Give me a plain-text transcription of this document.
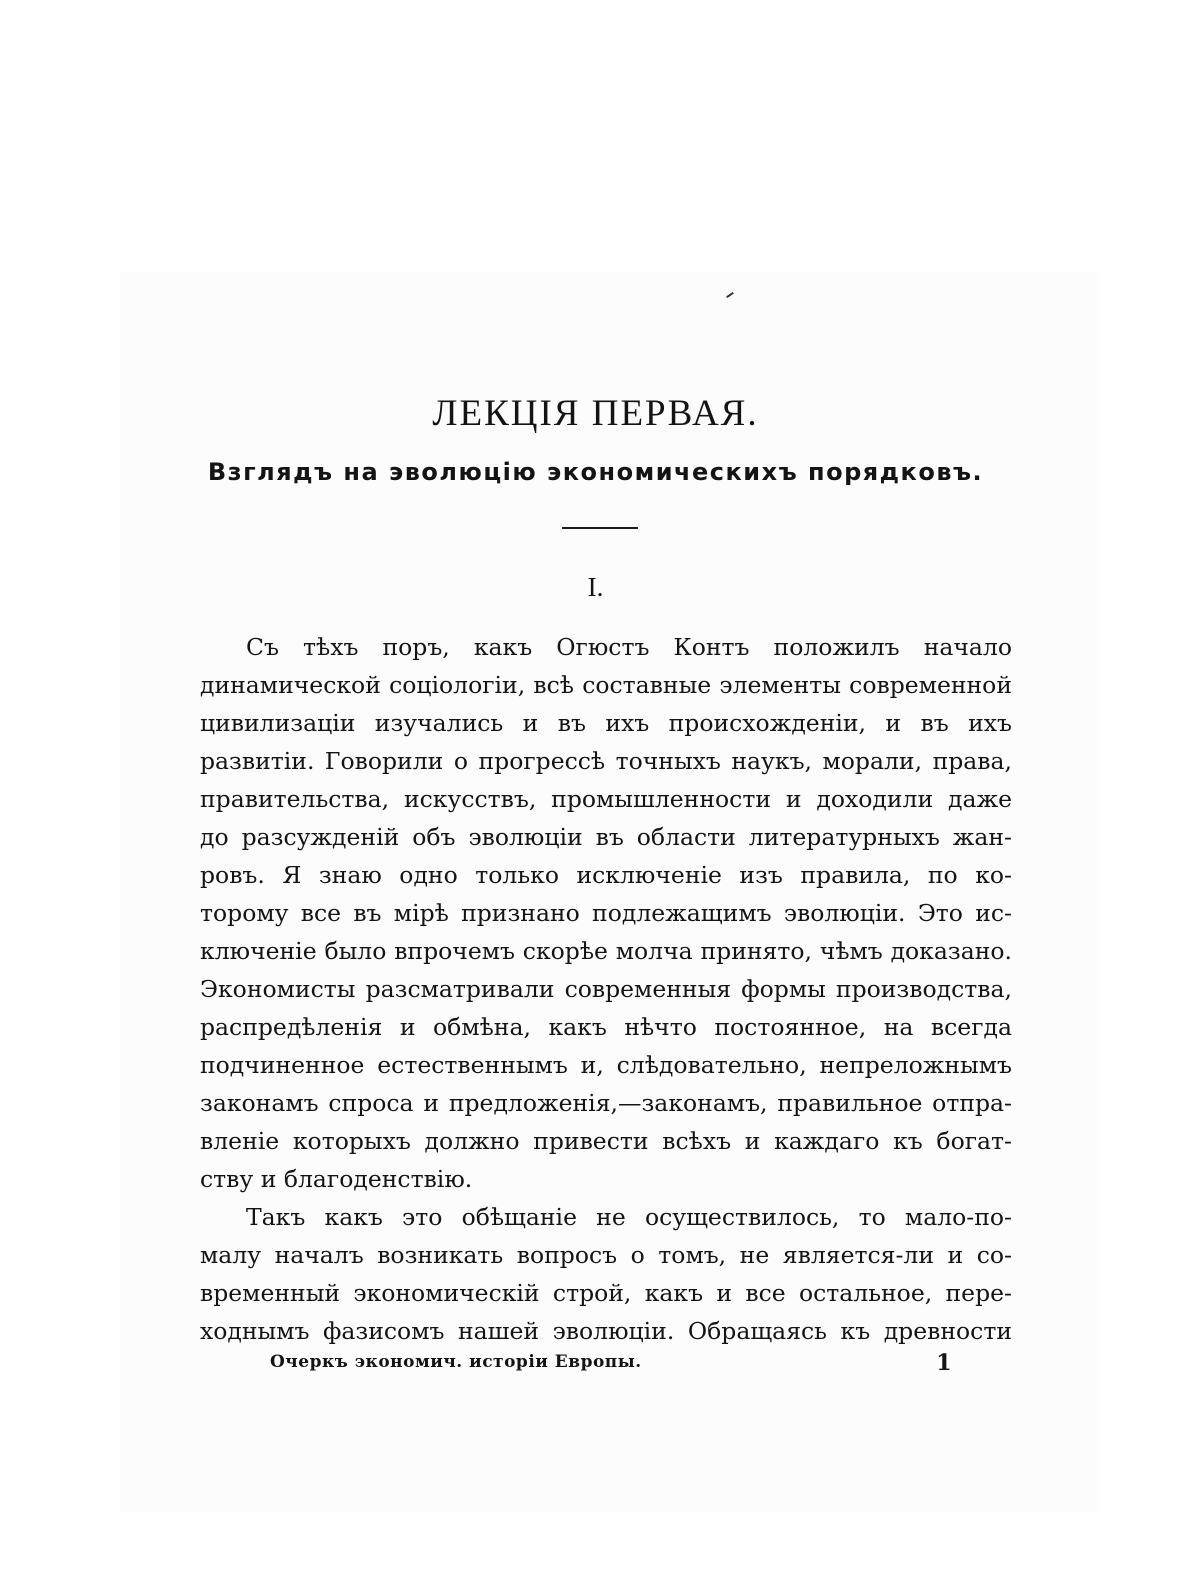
ЛЕКЦІЯ ПЕРВАЯ.
Взглядъ на эволюцію экономическихъ порядковъ.
I.
Съ тѣхъ поръ, какъ Огюстъ Контъ положилъ начало
динамической соціологіи, всѣ составные элементы современной
цивилизаціи изучались и въ ихъ происхожденіи, и въ ихъ
развитіи. Говорили о прогрессѣ точныхъ наукъ, морали, права,
правительства, искусствъ, промышленности и доходили даже
до разсужденій объ эволюціи въ области литературныхъ жан-
ровъ. Я знаю одно только исключеніе изъ правила, по ко-
торому все въ мірѣ признано подлежащимъ эволюціи. Это ис-
ключеніе было впрочемъ скорѣе молча принято, чѣмъ доказано.
Экономисты разсматривали современныя формы производства,
распредѣленія и обмѣна, какъ нѣчто постоянное, на всегда
подчиненное естественнымъ и, слѣдовательно, непреложнымъ
законамъ спроса и предложенія,—законамъ, правильное отпра-
вленіе которыхъ должно привести всѣхъ и каждаго къ богат-
ству и благоденствію.
Такъ какъ это обѣщаніе не осуществилось, то мало-по-
малу началъ возникать вопросъ о томъ, не является-ли и со-
временный экономическій строй, какъ и все остальное, пере-
ходнымъ фазисомъ нашей эволюціи. Обращаясь къ древности
Очеркъ экономич. исторіи Европы.	1
